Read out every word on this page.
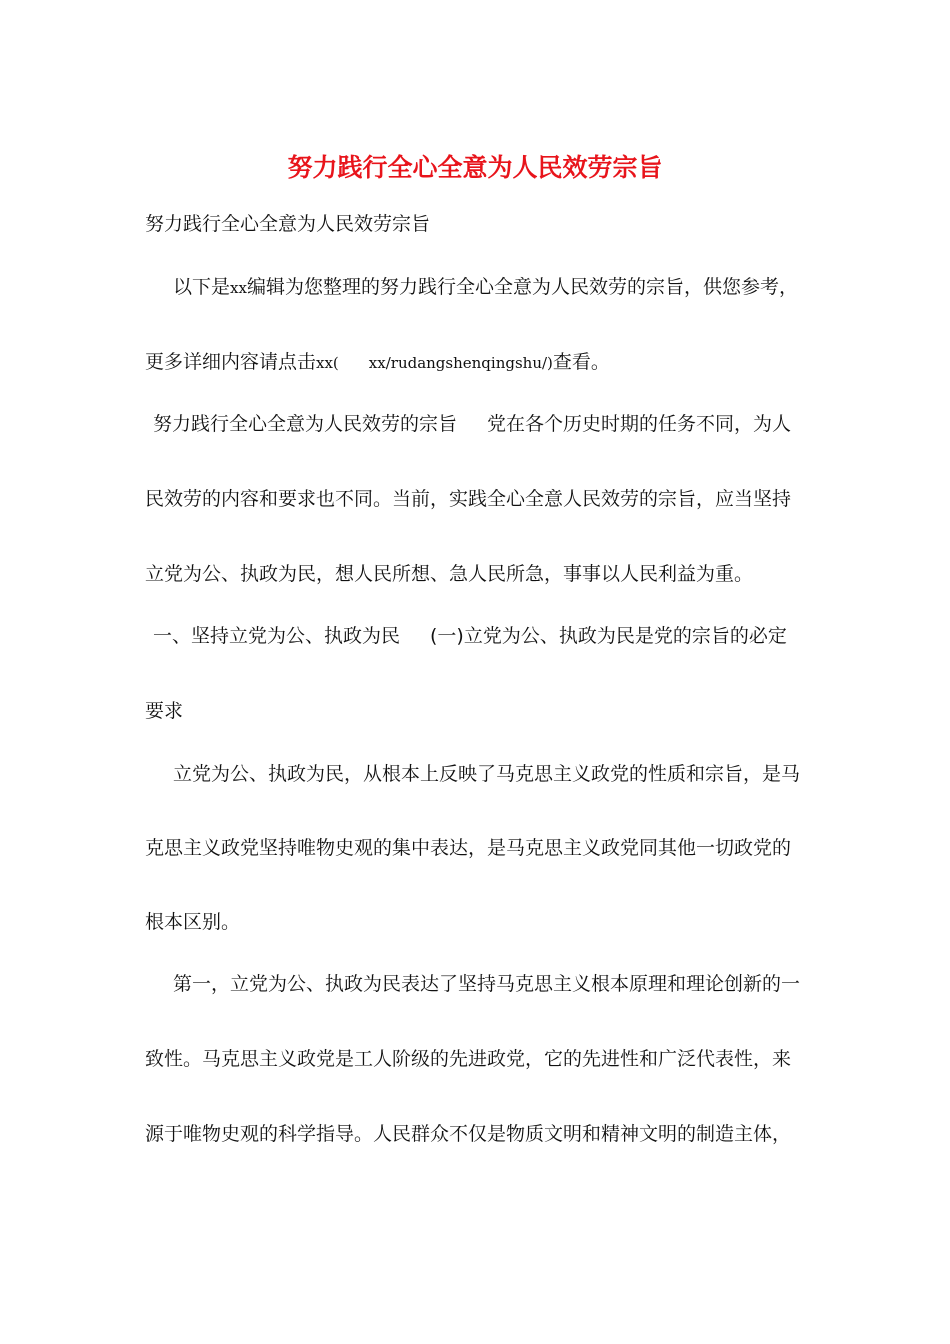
努力践行全心全意为人民效劳宗旨

努力践行全心全意为人民效劳宗旨

以下是xx编辑为您整理的努力践行全心全意为人民效劳的宗旨，供您参考，

更多详细内容请点击xx( xx/rudangshenqingshu/)查看。

努力践行全心全意为人民效劳的宗旨 党在各个历史时期的任务不同，为人

民效劳的内容和要求也不同。当前，实践全心全意人民效劳的宗旨，应当坚持

立党为公、执政为民，想人民所想、急人民所急，事事以人民利益为重。

一、坚持立党为公、执政为民 (一)立党为公、执政为民是党的宗旨的必定

要求

立党为公、执政为民，从根本上反映了马克思主义政党的性质和宗旨，是马

克思主义政党坚持唯物史观的集中表达，是马克思主义政党同其他一切政党的

根本区别。

第一，立党为公、执政为民表达了坚持马克思主义根本原理和理论创新的一

致性。马克思主义政党是工人阶级的先进政党，它的先进性和广泛代表性，来

源于唯物史观的科学指导。人民群众不仅是物质文明和精神文明的制造主体，
